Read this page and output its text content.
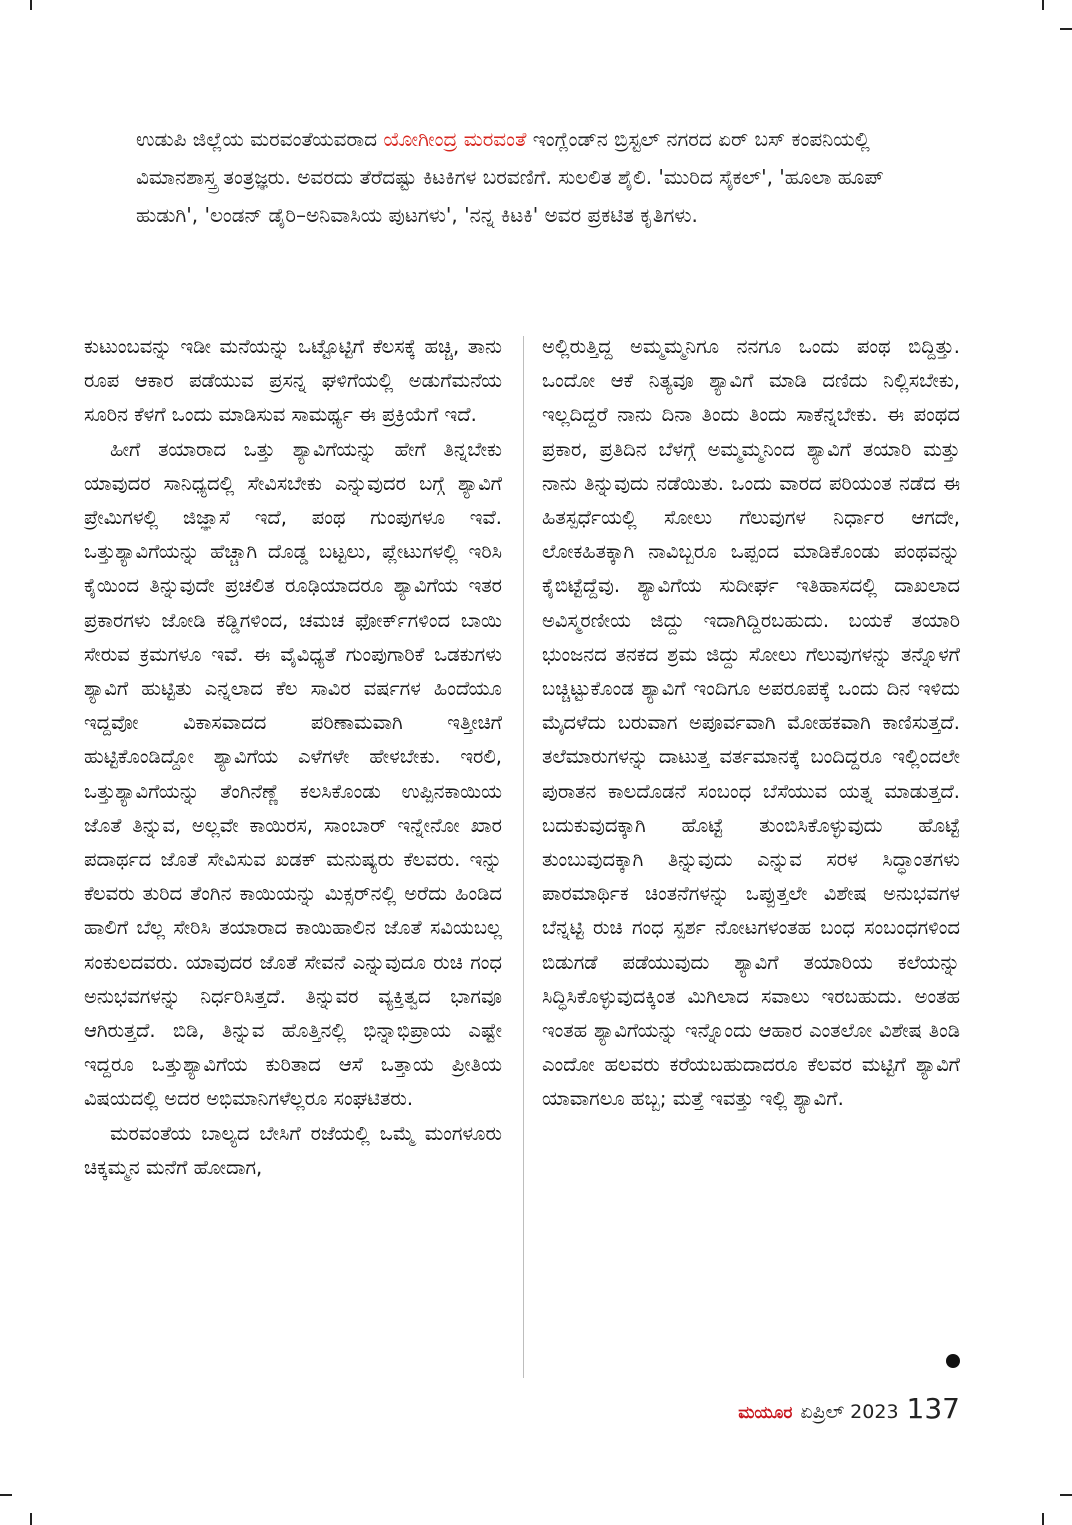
ಉಡುಪಿ ಜಿಲ್ಲೆಯ ಮರವಂತೆಯವರಾದ ಯೋಗೀಂದ್ರ ಮರವಂತೆ ಇಂಗ್ಲೆಂಡ್‌ನ ಬ್ರಿಸ್ಟಲ್ ನಗರದ ಏರ್ ಬಸ್ ಕಂಪನಿಯಲ್ಲಿ ವಿಮಾನಶಾಸ್ತ್ರ ತಂತ್ರಜ್ಞರು. ಅವರದು ತೆರೆದಷ್ಟು ಕಿಟಕಿಗಳ ಬರವಣಿಗೆ. ಸುಲಲಿತ ಶೈಲಿ. 'ಮುರಿದ ಸೈಕಲ್', 'ಹೂಲಾ ಹೂಪ್ ಹುಡುಗಿ', 'ಲಂಡನ್ ಡೈರಿ–ಅನಿವಾಸಿಯ ಪುಟಗಳು', 'ನನ್ನ ಕಿಟಕಿ' ಅವರ ಪ್ರಕಟಿತ ಕೃತಿಗಳು.

ಕುಟುಂಬವನ್ನು ಇಡೀ ಮನೆಯನ್ನು ಒಟ್ಟೊಟ್ಟಿಗೆ ಕೆಲಸಕ್ಕೆ ಹಚ್ಚಿ, ತಾನು ರೂಪ ಆಕಾರ ಪಡೆಯುವ ಪ್ರಸನ್ನ ಘಳಿಗೆಯಲ್ಲಿ ಅಡುಗೆಮನೆಯ ಸೂರಿನ ಕೆಳಗೆ ಒಂದು ಮಾಡಿಸುವ ಸಾಮರ್ಥ್ಯ ಈ ಪ್ರಕ್ರಿಯೆಗೆ ಇದೆ.

ಹೀಗೆ ತಯಾರಾದ ಒತ್ತು ಶ್ಯಾವಿಗೆಯನ್ನು ಹೇಗೆ ತಿನ್ನಬೇಕು ಯಾವುದರ ಸಾನಿಧ್ಯದಲ್ಲಿ ಸೇವಿಸಬೇಕು ಎನ್ನುವುದರ ಬಗ್ಗೆ ಶ್ಯಾವಿಗೆ ಪ್ರೇಮಿಗಳಲ್ಲಿ ಜಿಜ್ಞಾಸೆ ಇದೆ, ಪಂಥ ಗುಂಪುಗಳೂ ಇವೆ. ಒತ್ತುಶ್ಯಾವಿಗೆಯನ್ನು ಹೆಚ್ಚಾಗಿ ದೊಡ್ಡ ಬಟ್ಟಲು, ಪ್ಲೇಟುಗಳಲ್ಲಿ ಇರಿಸಿ ಕೈಯಿಂದ ತಿನ್ನುವುದೇ ಪ್ರಚಲಿತ ರೂಢಿಯಾದರೂ ಶ್ಯಾವಿಗೆಯ ಇತರ ಪ್ರಕಾರಗಳು ಜೋಡಿ ಕಡ್ಡಿಗಳಿಂದ, ಚಮಚ ಫೋರ್ಕ್‌ಗಳಿಂದ ಬಾಯಿ ಸೇರುವ ಕ್ರಮಗಳೂ ಇವೆ. ಈ ವೈವಿಧ್ಯತೆ ಗುಂಪುಗಾರಿಕೆ ಒಡಕುಗಳು ಶ್ಯಾವಿಗೆ ಹುಟ್ಟಿತು ಎನ್ನಲಾದ ಕೆಲ ಸಾವಿರ ವರ್ಷಗಳ ಹಿಂದೆಯೂ ಇದ್ದವೋ ವಿಕಾಸವಾದದ ಪರಿಣಾಮವಾಗಿ ಇತ್ತೀಚಿಗೆ ಹುಟ್ಟಿಕೊಂಡಿದ್ದೋ ಶ್ಯಾವಿಗೆಯ ಎಳೆಗಳೇ ಹೇಳಬೇಕು. ಇರಲಿ, ಒತ್ತುಶ್ಯಾವಿಗೆಯನ್ನು ತೆಂಗಿನೆಣ್ಣೆ ಕಲಸಿಕೊಂಡು ಉಪ್ಪಿನಕಾಯಿಯ ಜೊತೆ ತಿನ್ನುವ, ಅಲ್ಲವೇ ಕಾಯಿರಸ, ಸಾಂಬಾರ್ ಇನ್ನೇನೋ ಖಾರ ಪದಾರ್ಥದ ಜೊತೆ ಸೇವಿಸುವ ಖಡಕ್ ಮನುಷ್ಯರು ಕೆಲವರು. ಇನ್ನು ಕೆಲವರು ತುರಿದ ತೆಂಗಿನ ಕಾಯಿಯನ್ನು ಮಿಕ್ಸರ್‌ನಲ್ಲಿ ಅರೆದು ಹಿಂಡಿದ ಹಾಲಿಗೆ ಬೆಲ್ಲ ಸೇರಿಸಿ ತಯಾರಾದ ಕಾಯಿಹಾಲಿನ ಜೊತೆ ಸವಿಯಬಲ್ಲ ಸಂಕುಲದವರು. ಯಾವುದರ ಜೊತೆ ಸೇವನೆ ಎನ್ನುವುದೂ ರುಚಿ ಗಂಧ ಅನುಭವಗಳನ್ನು ನಿರ್ಧರಿಸಿತ್ತದೆ. ತಿನ್ನುವರ ವ್ಯಕ್ತಿತ್ವದ ಭಾಗವೂ ಆಗಿರುತ್ತದೆ. ಬಿಡಿ, ತಿನ್ನುವ ಹೊತ್ತಿನಲ್ಲಿ ಭಿನ್ನಾಭಿಪ್ರಾಯ ಎಷ್ಟೇ ಇದ್ದರೂ ಒತ್ತುಶ್ಯಾವಿಗೆಯ ಕುರಿತಾದ ಆಸೆ ಒತ್ತಾಯ ಪ್ರೀತಿಯ ವಿಷಯದಲ್ಲಿ ಅದರ ಅಭಿಮಾನಿಗಳೆಲ್ಲರೂ ಸಂಘಟಿತರು.

ಮರವಂತೆಯ ಬಾಲ್ಯದ ಬೇಸಿಗೆ ರಜೆಯಲ್ಲಿ ಒಮ್ಮೆ ಮಂಗಳೂರು ಚಿಕ್ಕಮ್ಮನ ಮನೆಗೆ ಹೋದಾಗ,

ಅಲ್ಲಿರುತ್ತಿದ್ದ ಅಮ್ಮಮ್ಮನಿಗೂ ನನಗೂ ಒಂದು ಪಂಥ ಬಿದ್ದಿತ್ತು. ಒಂದೋ ಆಕೆ ನಿತ್ಯವೂ ಶ್ಯಾವಿಗೆ ಮಾಡಿ ದಣಿದು ನಿಲ್ಲಿಸಬೇಕು, ಇಲ್ಲದಿದ್ದರೆ ನಾನು ದಿನಾ ತಿಂದು ತಿಂದು ಸಾಕೆನ್ನಬೇಕು. ಈ ಪಂಥದ ಪ್ರಕಾರ, ಪ್ರತಿದಿನ ಬೆಳಗ್ಗೆ ಅಮ್ಮಮ್ಮನಿಂದ ಶ್ಯಾವಿಗೆ ತಯಾರಿ ಮತ್ತು ನಾನು ತಿನ್ನುವುದು ನಡೆಯಿತು. ಒಂದು ವಾರದ ಪರಿಯಂತ ನಡೆದ ಈ ಹಿತಸ್ಪರ್ಧೆಯಲ್ಲಿ ಸೋಲು ಗೆಲುವುಗಳ ನಿರ್ಧಾರ ಆಗದೇ, ಲೋಕಹಿತಕ್ಕಾಗಿ ನಾವಿಬ್ಬರೂ ಒಪ್ಪಂದ ಮಾಡಿಕೊಂಡು ಪಂಥವನ್ನು ಕೈಬಿಟ್ಟೆದ್ದೆವು. ಶ್ಯಾವಿಗೆಯ ಸುದೀರ್ಘ ಇತಿಹಾಸದಲ್ಲಿ ದಾಖಲಾದ ಅವಿಸ್ಮರಣೀಯ ಜಿದ್ದು ಇದಾಗಿದ್ದಿರಬಹುದು. ಬಯಕೆ ತಯಾರಿ ಭುಂಜನದ ತನಕದ ಶ್ರಮ ಜಿದ್ದು ಸೋಲು ಗೆಲುವುಗಳನ್ನು ತನ್ನೊಳಗೆ ಬಚ್ಚಿಟ್ಟುಕೊಂಡ ಶ್ಯಾವಿಗೆ ಇಂದಿಗೂ ಅಪರೂಪಕ್ಕೆ ಒಂದು ದಿನ ಇಳಿದು ಮೈದಳೆದು ಬರುವಾಗ ಅಪೂರ್ವವಾಗಿ ಮೋಹಕವಾಗಿ ಕಾಣಿಸುತ್ತದೆ. ತಲೆಮಾರುಗಳನ್ನು ದಾಟುತ್ತ ವರ್ತಮಾನಕ್ಕೆ ಬಂದಿದ್ದರೂ ಇಲ್ಲಿಂದಲೇ ಪುರಾತನ ಕಾಲದೊಡನೆ ಸಂಬಂಧ ಬೆಸೆಯುವ ಯತ್ನ ಮಾಡುತ್ತದೆ. ಬದುಕುವುದಕ್ಕಾಗಿ ಹೊಟ್ಟೆ ತುಂಬಿಸಿಕೊಳ್ಳುವುದು ಹೊಟ್ಟೆ ತುಂಬುವುದಕ್ಕಾಗಿ ತಿನ್ನುವುದು ಎನ್ನುವ ಸರಳ ಸಿದ್ಧಾಂತಗಳು ಪಾರಮಾರ್ಥಿಕ ಚಿಂತನೆಗಳನ್ನು ಒಪ್ಪುತ್ತಲೇ ವಿಶೇಷ ಅನುಭವಗಳ ಬೆನ್ನಟ್ಟಿ ರುಚಿ ಗಂಧ ಸ್ಪರ್ಶ ನೋಟಗಳಂತಹ ಬಂಧ ಸಂಬಂಧಗಳಿಂದ ಬಿಡುಗಡೆ ಪಡೆಯುವುದು ಶ್ಯಾವಿಗೆ ತಯಾರಿಯ ಕಲೆಯನ್ನು ಸಿದ್ಧಿಸಿಕೊಳ್ಳುವುದಕ್ಕಿಂತ ಮಿಗಿಲಾದ ಸವಾಲು ಇರಬಹುದು. ಅಂತಹ ಇಂತಹ ಶ್ಯಾವಿಗೆಯನ್ನು ಇನ್ನೊಂದು ಆಹಾರ ಎಂತಲೋ ವಿಶೇಷ ತಿಂಡಿ ಎಂದೋ ಹಲವರು ಕರೆಯಬಹುದಾದರೂ ಕೆಲವರ ಮಟ್ಟಿಗೆ ಶ್ಯಾವಿಗೆ ಯಾವಾಗಲೂ ಹಬ್ಬ; ಮತ್ತೆ ಇವತ್ತು ಇಲ್ಲಿ ಶ್ಯಾವಿಗೆ.

ಮಯೂರ ಏಪ್ರಿಲ್ 2023 137
